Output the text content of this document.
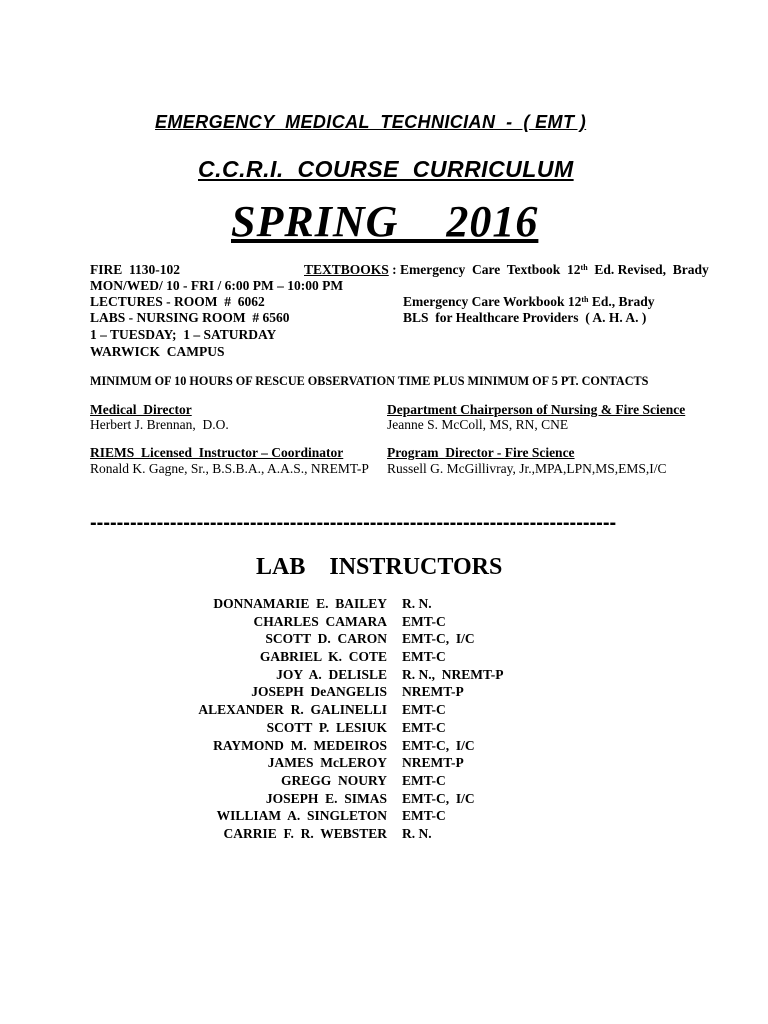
EMERGENCY  MEDICAL  TECHNICIAN  -  ( EMT )
C.C.R.I.  COURSE  CURRICULUM
SPRING    2016
FIRE  1130-102
MON/WED/ 10 - FRI / 6:00 PM – 10:00 PM
LECTURES - ROOM  #  6062
LABS - NURSING ROOM  # 6560
1 – TUESDAY;  1 – SATURDAY
WARWICK  CAMPUS
TEXTBOOKS : Emergency  Care  Textbook  12th  Ed. Revised,  Brady
Emergency Care Workbook 12th Ed., Brady
BLS  for Healthcare Providers  ( A. H. A. )
MINIMUM OF 10 HOURS OF RESCUE OBSERVATION TIME PLUS MINIMUM OF 5 PT. CONTACTS
Medical  Director
Herbert J. Brennan,  D.O.
Department Chairperson of Nursing & Fire Science
Jeanne S. McColl, MS, RN, CNE
RIEMS  Licensed  Instructor – Coordinator
Ronald K. Gagne, Sr., B.S.B.A., A.A.S., NREMT-P
Program  Director - Fire Science
Russell G. McGillivray, Jr.,MPA,LPN,MS,EMS,I/C
-------------------------------------------------------------------------------
LAB    INSTRUCTORS
DONNAMARIE  E.  BAILEY R. N.
CHARLES  CAMARA EMT-C
SCOTT  D.  CARON EMT-C,  I/C
GABRIEL  K.  COTE EMT-C
JOY  A.  DELISLE R. N.,  NREMT-P
JOSEPH  DeANGELIS NREMT-P
ALEXANDER  R.  GALINELLI EMT-C
SCOTT  P.  LESIUK EMT-C
RAYMOND  M.  MEDEIROS EMT-C,  I/C
JAMES  McLEROY NREMT-P
GREGG  NOURY EMT-C
JOSEPH  E.  SIMAS EMT-C,  I/C
WILLIAM  A.  SINGLETON EMT-C
CARRIE  F.  R.  WEBSTER R. N.
